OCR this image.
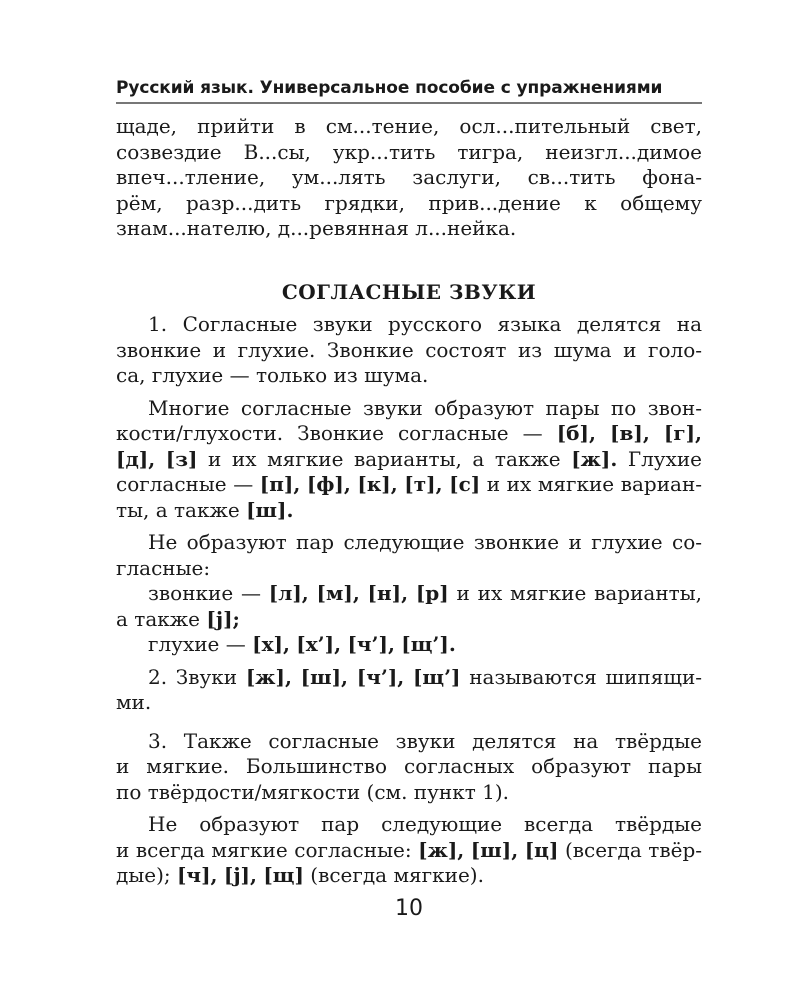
Русский язык. Универсальное пособие с упражнениями

щаде, прийти в см...тение, осл...пительный свет,
созвездие В...сы, укр...тить тигра, неизгл...димое
впеч...тление, ум...лять заслуги, св...тить фона-
рём, разр...дить грядки, прив...дение к общему
знам...нателю, д...ревянная л...нейка.

СОГЛАСНЫЕ ЗВУКИ

1. Согласные звуки русского языка делятся на
звонкие и глухие. Звонкие состоят из шума и голо-
са, глухие — только из шума.

Многие согласные звуки образуют пары по звон-
кости/глухости. Звонкие согласные — [б], [в], [г],
[д], [з] и их мягкие варианты, а также [ж]. Глухие
согласные — [п], [ф], [к], [т], [с] и их мягкие вариан-
ты, а также [ш].

Не образуют пар следующие звонкие и глухие со-
гласные:
звонкие — [л], [м], [н], [р] и их мягкие варианты,
а также [j];
глухие — [х], [х’], [ч’], [щ’].

2. Звуки [ж], [ш], [ч’], [щ’] называются шипящи-
ми.

3. Также согласные звуки делятся на твёрдые
и мягкие. Большинство согласных образуют пары
по твёрдости/мягкости (см. пункт 1).

Не образуют пар следующие всегда твёрдые
и всегда мягкие согласные: [ж], [ш], [ц] (всегда твёр-
дые); [ч], [j], [щ] (всегда мягкие).

10
